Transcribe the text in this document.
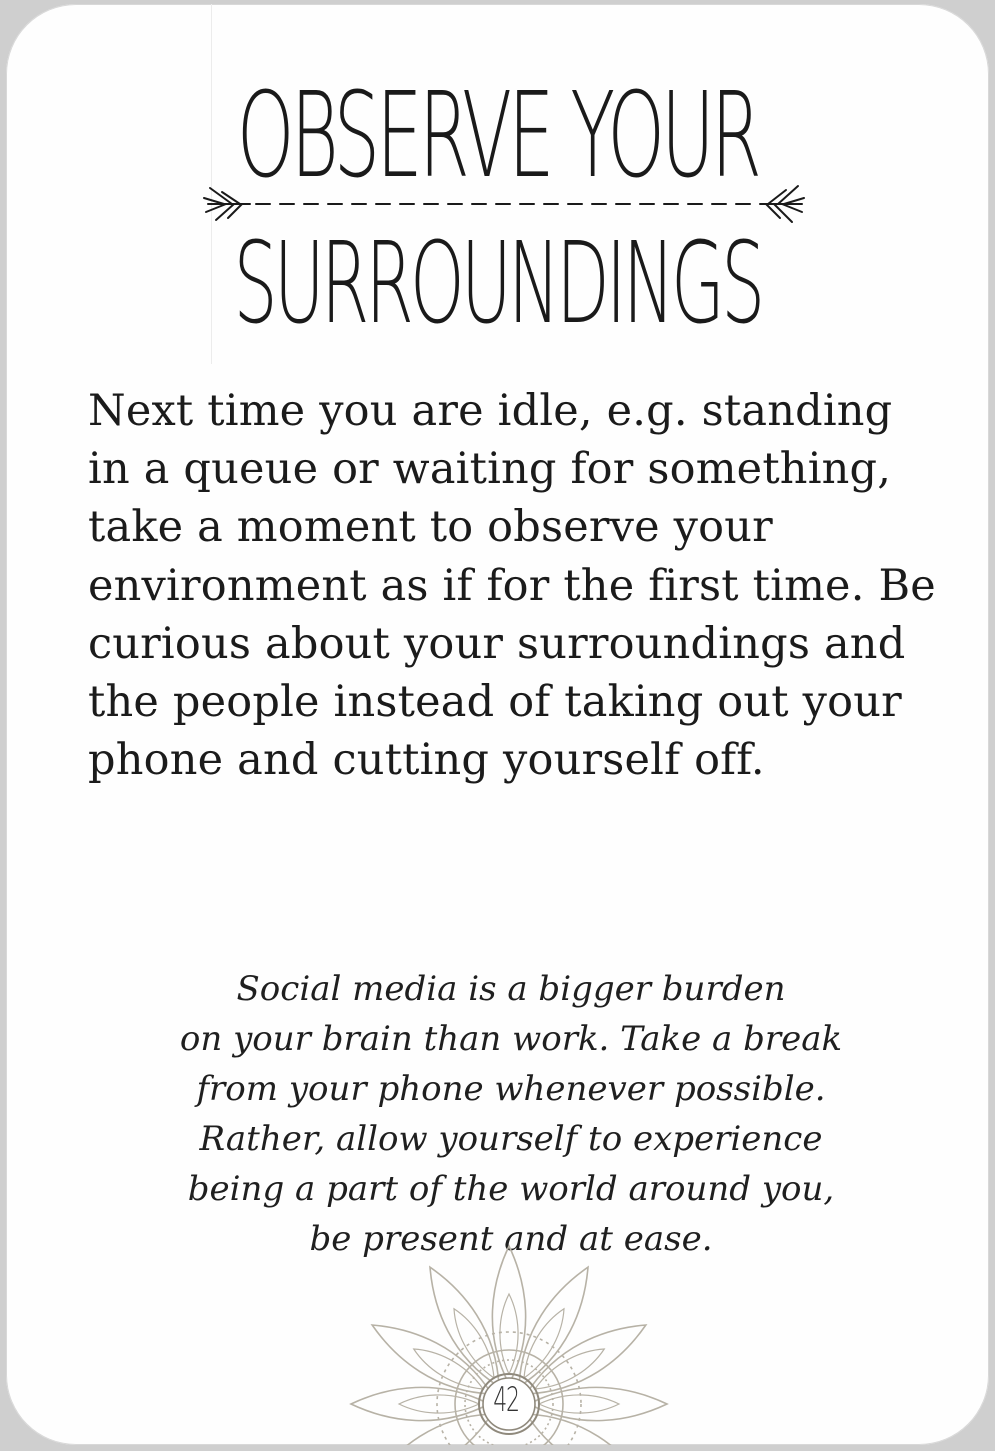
OBSERVE YOUR
SURROUNDINGS

Next time you are idle, e.g. standing in a queue or waiting for something, take a moment to observe your environment as if for the first time. Be curious about your surroundings and the people instead of taking out your phone and cutting yourself off.

Social media is a bigger burden
on your brain than work. Take a break
from your phone whenever possible.
Rather, allow yourself to experience
being a part of the world around you,
be present and at ease.

42
